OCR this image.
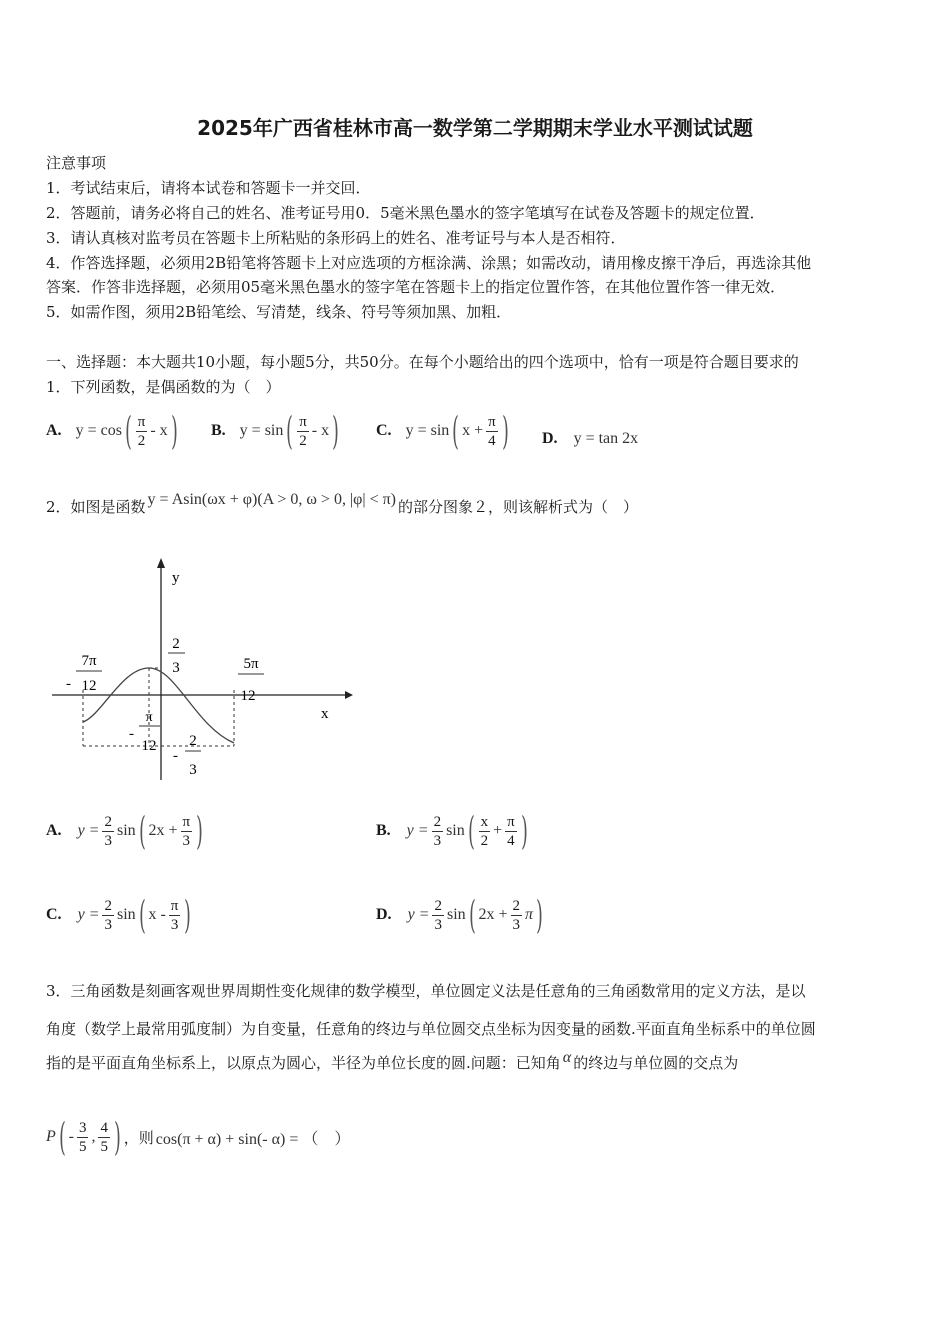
2025年广西省桂林市高一数学第二学期期末学业水平测试试题
注意事项
1．考试结束后，请将本试卷和答题卡一并交回．
2．答题前，请务必将自己的姓名、准考证号用0．5毫米黑色墨水的签字笔填写在试卷及答题卡的规定位置．
3．请认真核对监考员在答题卡上所粘贴的条形码上的姓名、准考证号与本人是否相符．
4．作答选择题，必须用2B铅笔将答题卡上对应选项的方框涂满、涂黑；如需改动，请用橡皮擦干净后，再选涂其他
答案．作答非选择题，必须用05毫米黑色墨水的签字笔在答题卡上的指定位置作答，在其他位置作答一律无效．
5．如需作图，须用2B铅笔绘、写清楚，线条、符号等须加黑、加粗．
一、选择题：本大题共10小题，每小题5分，共50分。在每个小题给出的四个选项中，恰有一项是符合题目要求的
1．下列函数，是偶函数的为（　）
A. y = cos ( $\frac{\pi}{2}$ - x ) B. y = sin ( $\frac{\pi}{2}$ - x ) C. y = sin ( $x + \frac{\pi}{4}$ ) D. y = tan 2x
2．如图是函数 y = Asin(ωx + φ)(A > 0, ω > 0, |φ| < π) 的部分图象２，则该解析式为（　）
y
x
2
3
-
7π
12
5π
12
-
π
12
-
2
3
A. $y = \frac{2}{3}$ sin ( $2x + \frac{\pi}{3}$ )	B. $y = \frac{2}{3}$ sin ( $\frac{x}{2} + \frac{\pi}{4}$ )
C. $y = \frac{2}{3}$ sin ( x - $\frac{\pi}{3}$ )	D. $y = \frac{2}{3}$ sin ( $2x + \frac{2}{3}$ π )
3．三角函数是刻画客观世界周期性变化规律的数学模型，单位圆定义法是任意角的三角函数常用的定义方法，是以
角度（数学上最常用弧度制）为自变量，任意角的终边与单位圆交点坐标为因变量的函数.平面直角坐标系中的单位圆
指的是平面直角坐标系上，以原点为圆心，半径为单位长度的圆.问题：已知角 α 的终边与单位圆的交点为
P ( - $\frac{3}{5}$ , $\frac{4}{5}$ ) ，则 cos(π + α) + sin(- α) = （　）
